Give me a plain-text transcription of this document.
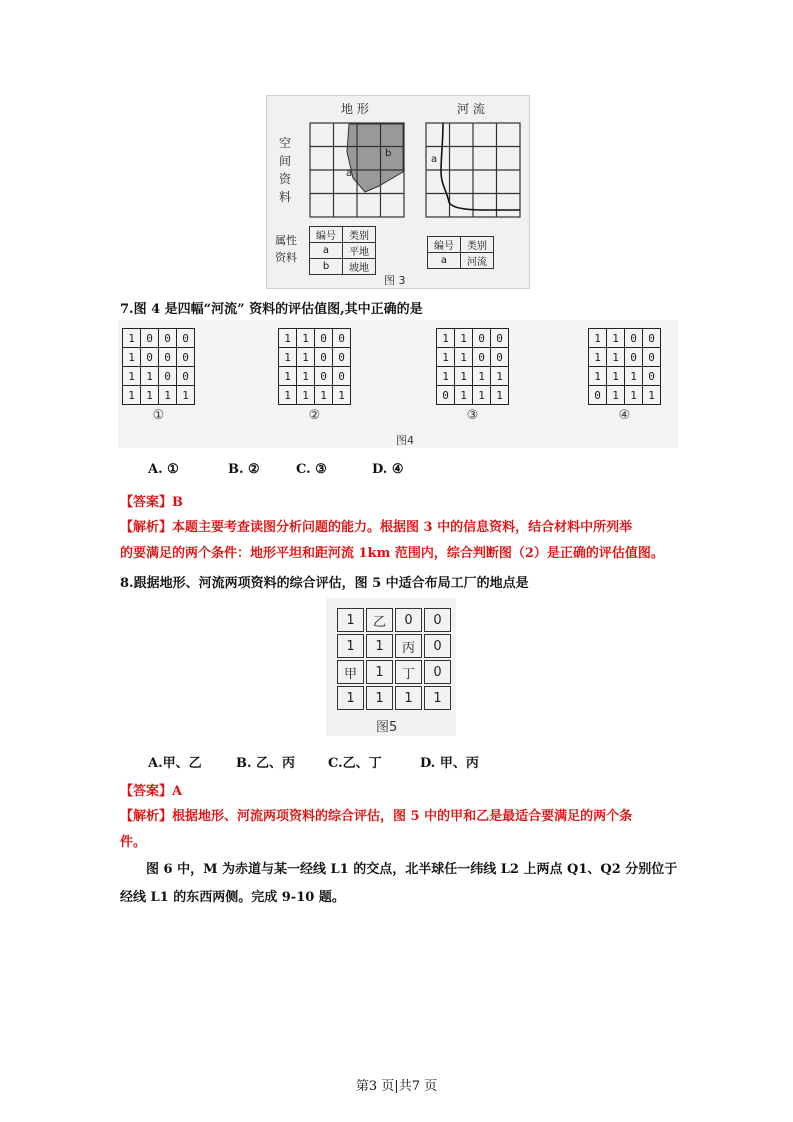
地 形	河 流
空
间
资
料
a
b
a
属性
资料
编号	类别
a	平地
b	坡地
编号	类别
a	河流
图 3
7.图 4 是四幅“河流” 资料的评估值图,其中正确的是
1	0	0	0
1	0	0	0
1	1	0	0
1	1	1	1
①
1	1	0	0
1	1	0	0
1	1	0	0
1	1	1	1
②
1	1	0	0
1	1	0	0
1	1	1	1
0	1	1	1
③
1	1	0	0
1	1	0	0
1	1	1	0
0	1	1	1
④
图4
A. ①	B. ②	C. ③	D. ④
【答案】B
【解析】本题主要考查读图分析问题的能力。根据图 3 中的信息资料，结合材料中所列举
的要满足的两个条件：地形平坦和距河流 1km 范围内，综合判断图（2）是正确的评估值图。
8.跟据地形、河流两项资料的综合评估，图 5 中适合布局工厂的地点是
1	乙	0	0
1	1	丙	0
甲	1	丁	0
1	1	1	1
图5
A.甲、乙	B. 乙、丙	C.乙、丁	D. 甲、丙
【答案】A
【解析】根据地形、河流两项资料的综合评估，图 5 中的甲和乙是最适合要满足的两个条
件。
图 6 中，M 为赤道与某一经线 L1 的交点，北半球任一纬线 L2 上两点 Q1、Q2 分别位于
经线 L1 的东西两侧。完成 9-10 题。
第3 页|共7 页
